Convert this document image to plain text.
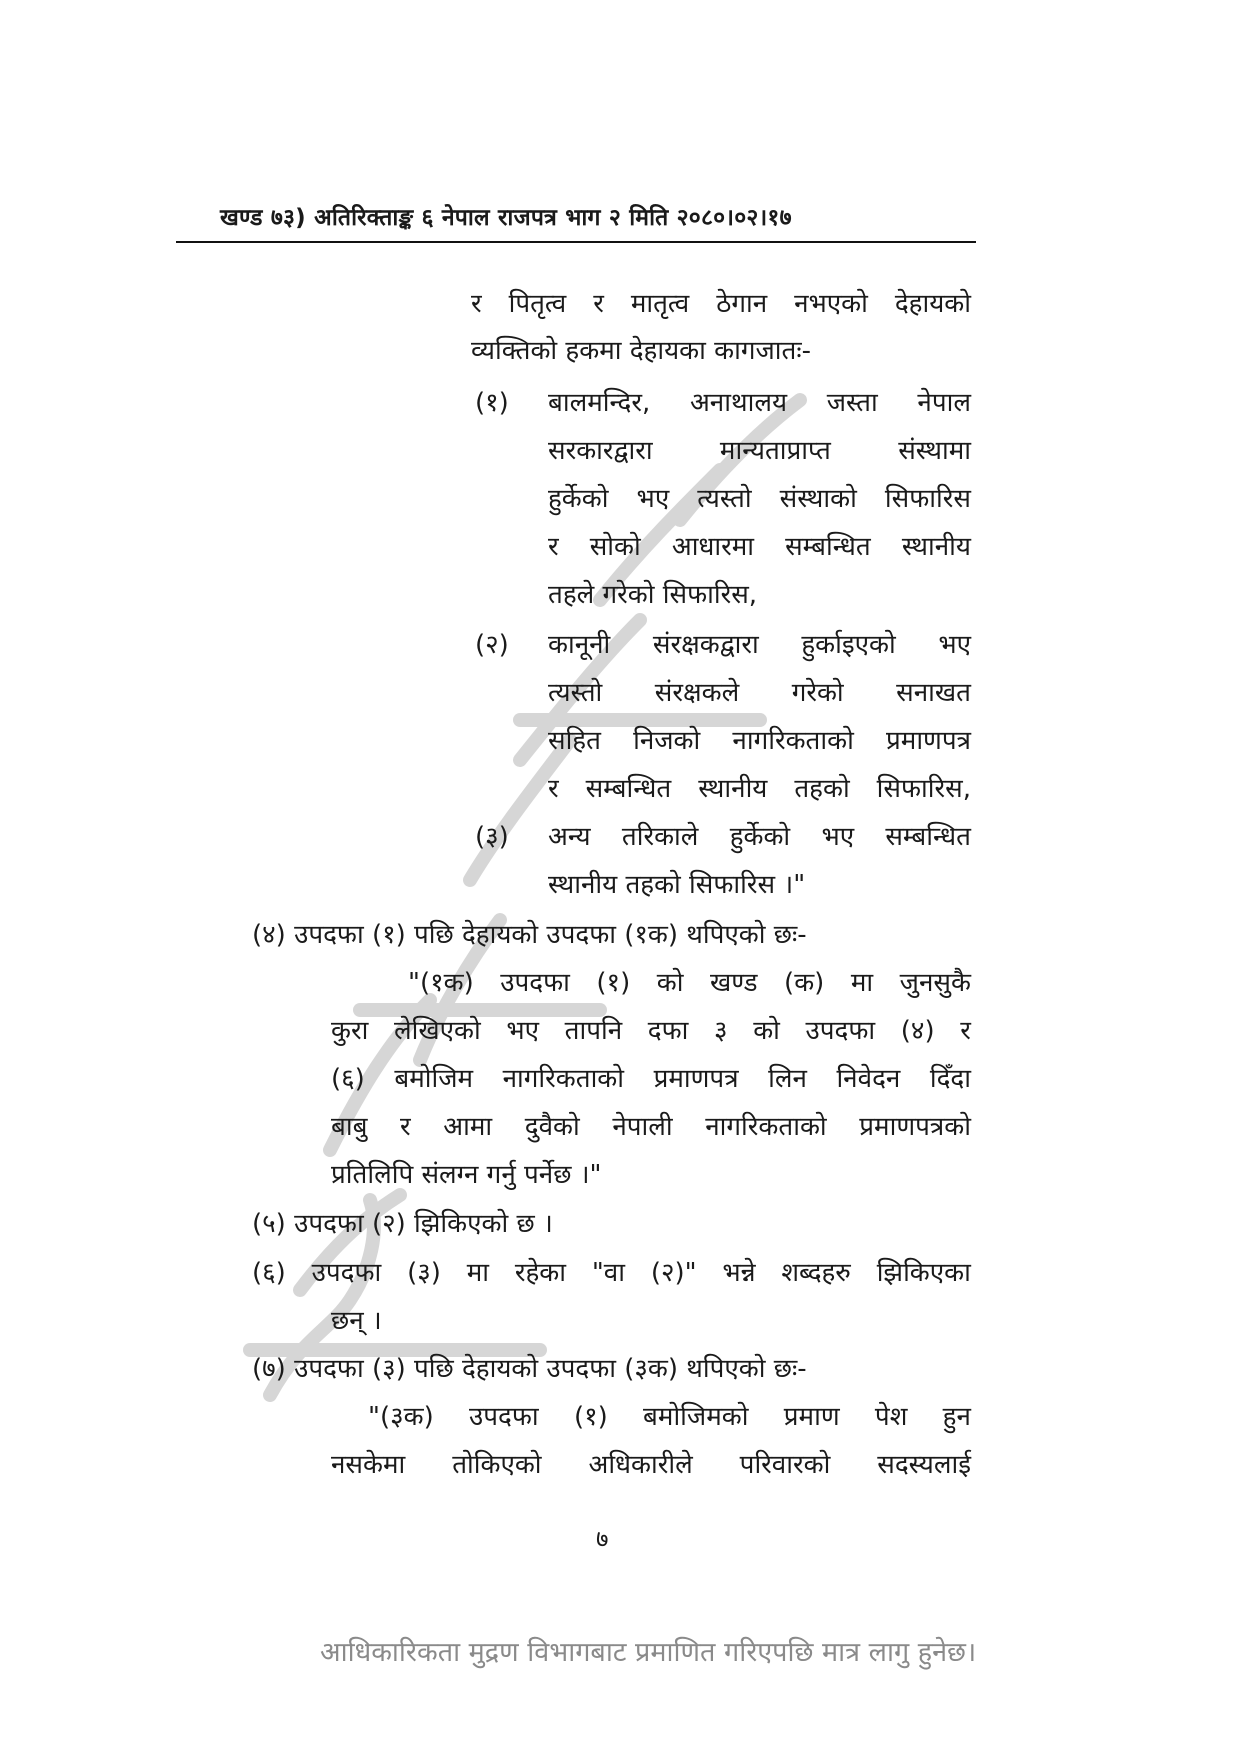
खण्ड ७३) अतिरिक्ताङ्क ६ नेपाल राजपत्र भाग २ मिति २०८०।०२।१७
र पितृत्व र मातृत्व ठेगान नभएको देहायको
व्यक्तिको हकमा देहायका कागजातः-
(१) बालमन्दिर, अनाथालय जस्ता नेपाल
सरकारद्वारा	मान्यताप्राप्त	संस्थामा
हुर्केको भए त्यस्तो संस्थाको सिफारिस
र सोको आधारमा सम्बन्धित स्थानीय
तहले गरेको सिफारिस,
(२) कानूनी संरक्षकद्वारा हुर्काइएको भए
त्यस्तो संरक्षकले गरेको सनाखत
सहित निजको नागरिकताको प्रमाणपत्र
र सम्बन्धित स्थानीय तहको सिफारिस,
(३) अन्य तरिकाले हुर्केको भए सम्बन्धित
स्थानीय तहको सिफारिस ।"
(४) उपदफा (१) पछि देहायको उपदफा (१क) थपिएको छः-
"(१क) उपदफा (१) को खण्ड (क) मा जुनसुकै
कुरा लेखिएको भए तापनि दफा ३ को उपदफा (४) र
(६) बमोजिम नागरिकताको प्रमाणपत्र लिन निवेदन दिँदा
बाबु र आमा दुवैको नेपाली नागरिकताको प्रमाणपत्रको
प्रतिलिपि संलग्न गर्नु पर्नेछ ।"
(५) उपदफा (२) झिकिएको छ ।
(६) उपदफा (३) मा रहेका "वा (२)" भन्ने शब्दहरु झिकिएका
छन् ।
(७) उपदफा (३) पछि देहायको उपदफा (३क) थपिएको छः-
"(३क) उपदफा (१) बमोजिमको प्रमाण पेश हुन
नसकेमा तोकिएको अधिकारीले परिवारको सदस्यलाई
७
आधिकारिकता मुद्रण विभागबाट प्रमाणित गरिएपछि मात्र लागु हुनेछ।
